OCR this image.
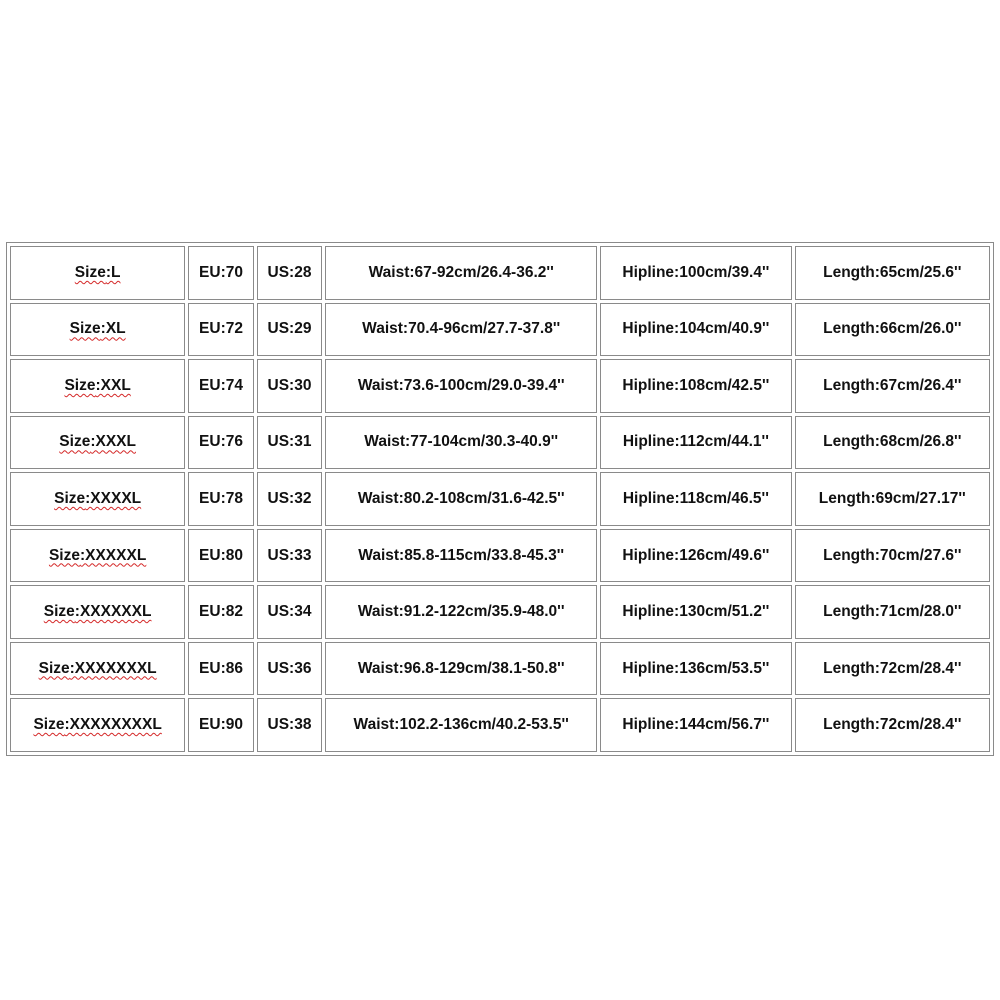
Size:L	EU:70	US:28	Waist:67-92cm/26.4-36.2''	Hipline:100cm/39.4''	Length:65cm/25.6''
Size:XL	EU:72	US:29	Waist:70.4-96cm/27.7-37.8''	Hipline:104cm/40.9''	Length:66cm/26.0''
Size:XXL	EU:74	US:30	Waist:73.6-100cm/29.0-39.4''	Hipline:108cm/42.5''	Length:67cm/26.4''
Size:XXXL	EU:76	US:31	Waist:77-104cm/30.3-40.9''	Hipline:112cm/44.1''	Length:68cm/26.8''
Size:XXXXL	EU:78	US:32	Waist:80.2-108cm/31.6-42.5''	Hipline:118cm/46.5''	Length:69cm/27.17''
Size:XXXXXL	EU:80	US:33	Waist:85.8-115cm/33.8-45.3''	Hipline:126cm/49.6''	Length:70cm/27.6''
Size:XXXXXXL	EU:82	US:34	Waist:91.2-122cm/35.9-48.0''	Hipline:130cm/51.2''	Length:71cm/28.0''
Size:XXXXXXXL	EU:86	US:36	Waist:96.8-129cm/38.1-50.8''	Hipline:136cm/53.5''	Length:72cm/28.4''
Size:XXXXXXXXL	EU:90	US:38	Waist:102.2-136cm/40.2-53.5''	Hipline:144cm/56.7''	Length:72cm/28.4''
